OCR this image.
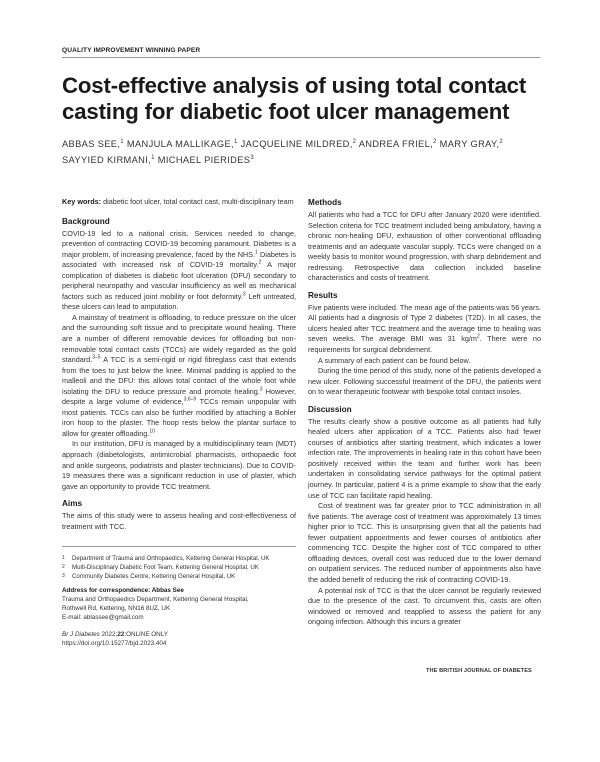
QUALITY IMPROVEMENT WINNING PAPER
Cost-effective analysis of using total contact
casting for diabetic foot ulcer management
ABBAS SEE,$^1$ MANJULA MALLIKAGE,$^1$ JACQUELINE MILDRED,$^2$ ANDREA FRIEL,$^2$ MARY GRAY,$^2$
SAYYIED KIRMANI,$^1$ MICHAEL PIERIDES$^3$

Key words: diabetic foot ulcer, total contact cast, multi-disciplinary team

Background

COVID-19 led to a national crisis. Services needed to change, prevention of contracting COVID-19 becoming paramount. Diabetes is a major problem, of increasing prevalence, faced by the NHS.$^1$ Diabetes is associated with increased risk of COVID-19 mortality.$^2$ A major complication of diabetes is diabetic foot ulceration (DFU) secondary to peripheral neuropathy and vascular insufficiency as well as mechanical factors such as reduced joint mobility or foot deformity.$^3$ Left untreated, these ulcers can lead to amputation.

A mainstay of treatment is offloading, to reduce pressure on the ulcer and the surrounding soft tissue and to precipitate wound healing. There are a number of different removable devices for offloading but non-removable total contact casts (TCCs) are widely regarded as the gold standard.$^{3-5}$ A TCC is a semi-rigid or rigid fibreglass cast that extends from the toes to just below the knee. Minimal padding is applied to the malleoli and the DFU: this allows total contact of the whole foot while isolating the DFU to reduce pressure and promote healing.$^3$ However, despite a large volume of evidence,$^{3,6-9}$ TCCs remain unpopular with most patients. TCCs can also be further modified by attaching a Bohler iron hoop to the plaster. The hoop rests below the plantar surface to allow for greater offloading.$^{10}$

In our institution, DFU is managed by a multidisciplinary team (MDT) approach (diabetologists, antimicrobial pharmacists, orthopaedic foot and ankle surgeons, podiatrists and plaster technicians). Due to COVID-19 measures there was a significant reduction in use of plaster, which gave an opportunity to provide TCC treatment.

Aims

The aims of this study were to assess healing and cost-effectiveness of treatment with TCC.

1	Department of Trauma and Orthopaedics, Kettering General Hospital, UK
2	Multi-Disciplinary Diabetic Foot Team, Kettering General Hospital, UK
3	Community Diabetes Centre, Kettering General Hospital, UK
Address for correspondence: Abbas See
Trauma and Orthopaedics Department, Kettering General Hospital,
Rothwell Rd, Kettering, NN16 8UZ, UK
E-mail: ablassee@gmail.com
Br J Diabetes 2022;22:ONLINE ONLY
https://doi.org/10.15277/bjd.2023.404
Methods

All patients who had a TCC for DFU after January 2020 were identified. Selection criteria for TCC treatment included being ambulatory, having a chronic non-healing DFU, exhaustion of other conventional offloading treatments and an adequate vascular supply. TCCs were changed on a weekly basis to monitor wound progression, with sharp debridement and redressing. Retrospective data collection included baseline characteristics and costs of treatment.

Results

Five patients were included. The mean age of the patients was 56 years. All patients had a diagnosis of Type 2 diabetes (T2D). In all cases, the ulcers healed after TCC treatment and the average time to healing was seven weeks. The average BMI was 31 $kg/m^2$. There were no requirements for surgical debridement.

A summary of each patient can be found below.

During the time period of this study, none of the patients developed a new ulcer. Following successful treatment of the DFU, the patients went on to wear therapeutic footwear with bespoke total contact insoles.

Discussion

The results clearly show a positive outcome as all patients had fully healed ulcers after application of a TCC. Patients also had fewer courses of antibiotics after starting treatment, which indicates a lower infection rate. The improvements in healing rate in this cohort have been positively received within the team and further work has been undertaken in consolidating service pathways for the optimal patient journey. In particular, patient 4 is a prime example to show that the early use of TCC can facilitate rapid healing.

Cost of treatment was far greater prior to TCC administration in all five patients. The average cost of treatment was approximately 13 times higher prior to TCC. This is unsurprising given that all the patients had fewer outpatient appointments and fewer courses of antibiotics after commencing TCC. Despite the higher cost of TCC compared to other offloading devices, overall cost was reduced due to the lower demand on outpatient services. The reduced number of appointments also have the added benefit of reducing the risk of contracting COVID-19.

A potential risk of TCC is that the ulcer cannot be regularly reviewed due to the presence of the cast. To circumvent this, casts are often windowed or removed and reapplied to assess the patient for any ongoing infection. Although this incurs a greater

THE BRITISH JOURNAL OF DIABETES
